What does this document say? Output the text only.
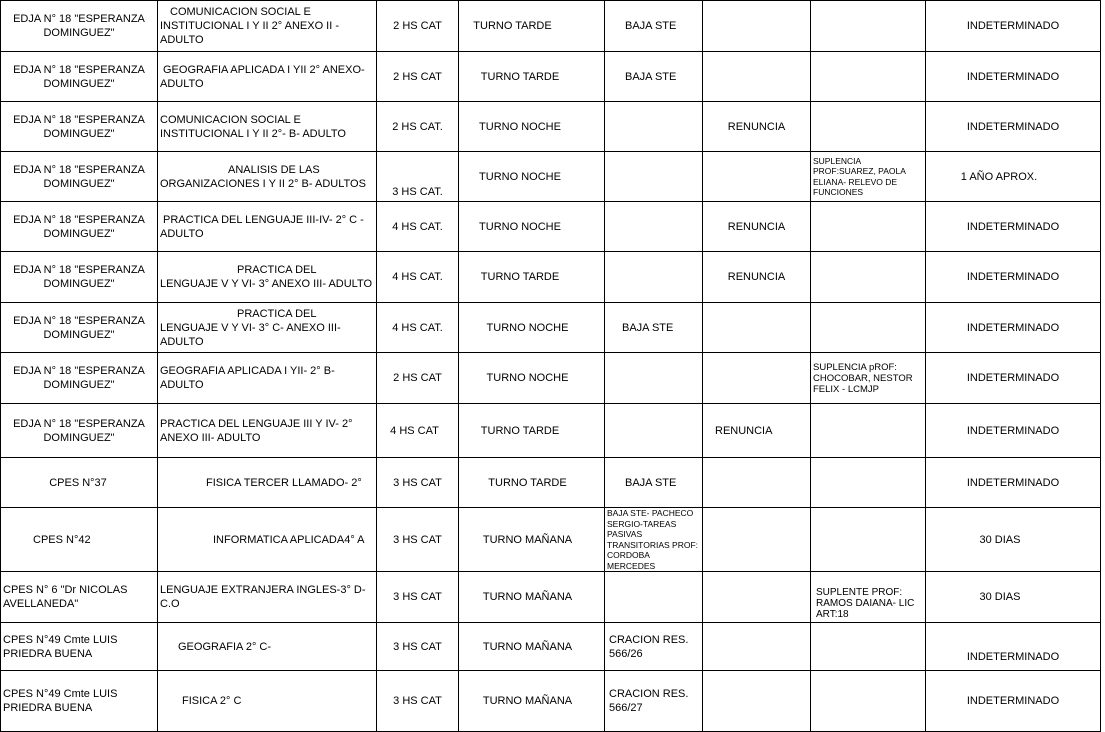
EDJA N° 18 "ESPERANZA DOMINGUEZ"	COMUNICACION SOCIAL E INSTITUCIONAL I Y II 2° ANEXO II - ADULTO	2 HS CAT	TURNO TARDE	BAJA STE			INDETERMINADO
EDJA N° 18 "ESPERANZA DOMINGUEZ"	GEOGRAFIA APLICADA I YII 2° ANEXO-ADULTO	2 HS CAT	TURNO TARDE	BAJA STE			INDETERMINADO
EDJA N° 18 "ESPERANZA DOMINGUEZ"	COMUNICACION SOCIAL E INSTITUCIONAL I Y II 2°- B- ADULTO	2 HS CAT.	TURNO NOCHE		RENUNCIA		INDETERMINADO
EDJA N° 18 "ESPERANZA DOMINGUEZ"	ANALISIS DE LAS ORGANIZACIONES I Y II 2° B- ADULTOS	3 HS CAT.	TURNO NOCHE			SUPLENCIA PROF:SUAREZ, PAOLA ELIANA- RELEVO DE FUNCIONES	1 AÑO APROX.
EDJA N° 18 "ESPERANZA DOMINGUEZ"	PRACTICA DEL LENGUAJE III-IV- 2° C -ADULTO	4 HS CAT.	TURNO NOCHE		RENUNCIA		INDETERMINADO
EDJA N° 18 "ESPERANZA DOMINGUEZ"	PRACTICA DEL LENGUAJE V Y VI- 3° ANEXO III- ADULTO	4 HS CAT.	TURNO TARDE		RENUNCIA		INDETERMINADO
EDJA N° 18 "ESPERANZA DOMINGUEZ"	PRACTICA DEL LENGUAJE V Y VI- 3° C- ANEXO III- ADULTO	4 HS CAT.	TURNO NOCHE	BAJA STE			INDETERMINADO
EDJA N° 18 "ESPERANZA DOMINGUEZ"	GEOGRAFIA APLICADA I YII- 2° B- ADULTO	2 HS CAT	TURNO NOCHE			SUPLENCIA pROF: CHOCOBAR, NESTOR FELIX - LCMJP	INDETERMINADO
EDJA N° 18 "ESPERANZA DOMINGUEZ"	PRACTICA DEL LENGUAJE III Y IV- 2° ANEXO III- ADULTO	4 HS CAT	TURNO TARDE		RENUNCIA		INDETERMINADO
CPES N°37	FISICA TERCER LLAMADO- 2°	3 HS CAT	TURNO TARDE	BAJA STE			INDETERMINADO
CPES N°42	INFORMATICA APLICADA4° A	3 HS CAT	TURNO MAÑANA	BAJA STE- PACHECO SERGIO-TAREAS PASIVAS TRANSITORIAS PROF: CORDOBA MERCEDES			30 DIAS
CPES N° 6 "Dr NICOLAS AVELLANEDA"	LENGUAJE EXTRANJERA INGLES-3° D- C.O	3 HS CAT	TURNO MAÑANA			SUPLENTE PROF: RAMOS DAIANA- LIC ART:18	30 DIAS
CPES N°49 Cmte LUIS PRIEDRA BUENA	GEOGRAFIA 2° C-	3 HS CAT	TURNO MAÑANA	CRACION RES. 566/26			INDETERMINADO
CPES N°49 Cmte LUIS PRIEDRA BUENA	FISICA 2° C	3 HS CAT	TURNO MAÑANA	CRACION RES. 566/27			INDETERMINADO
